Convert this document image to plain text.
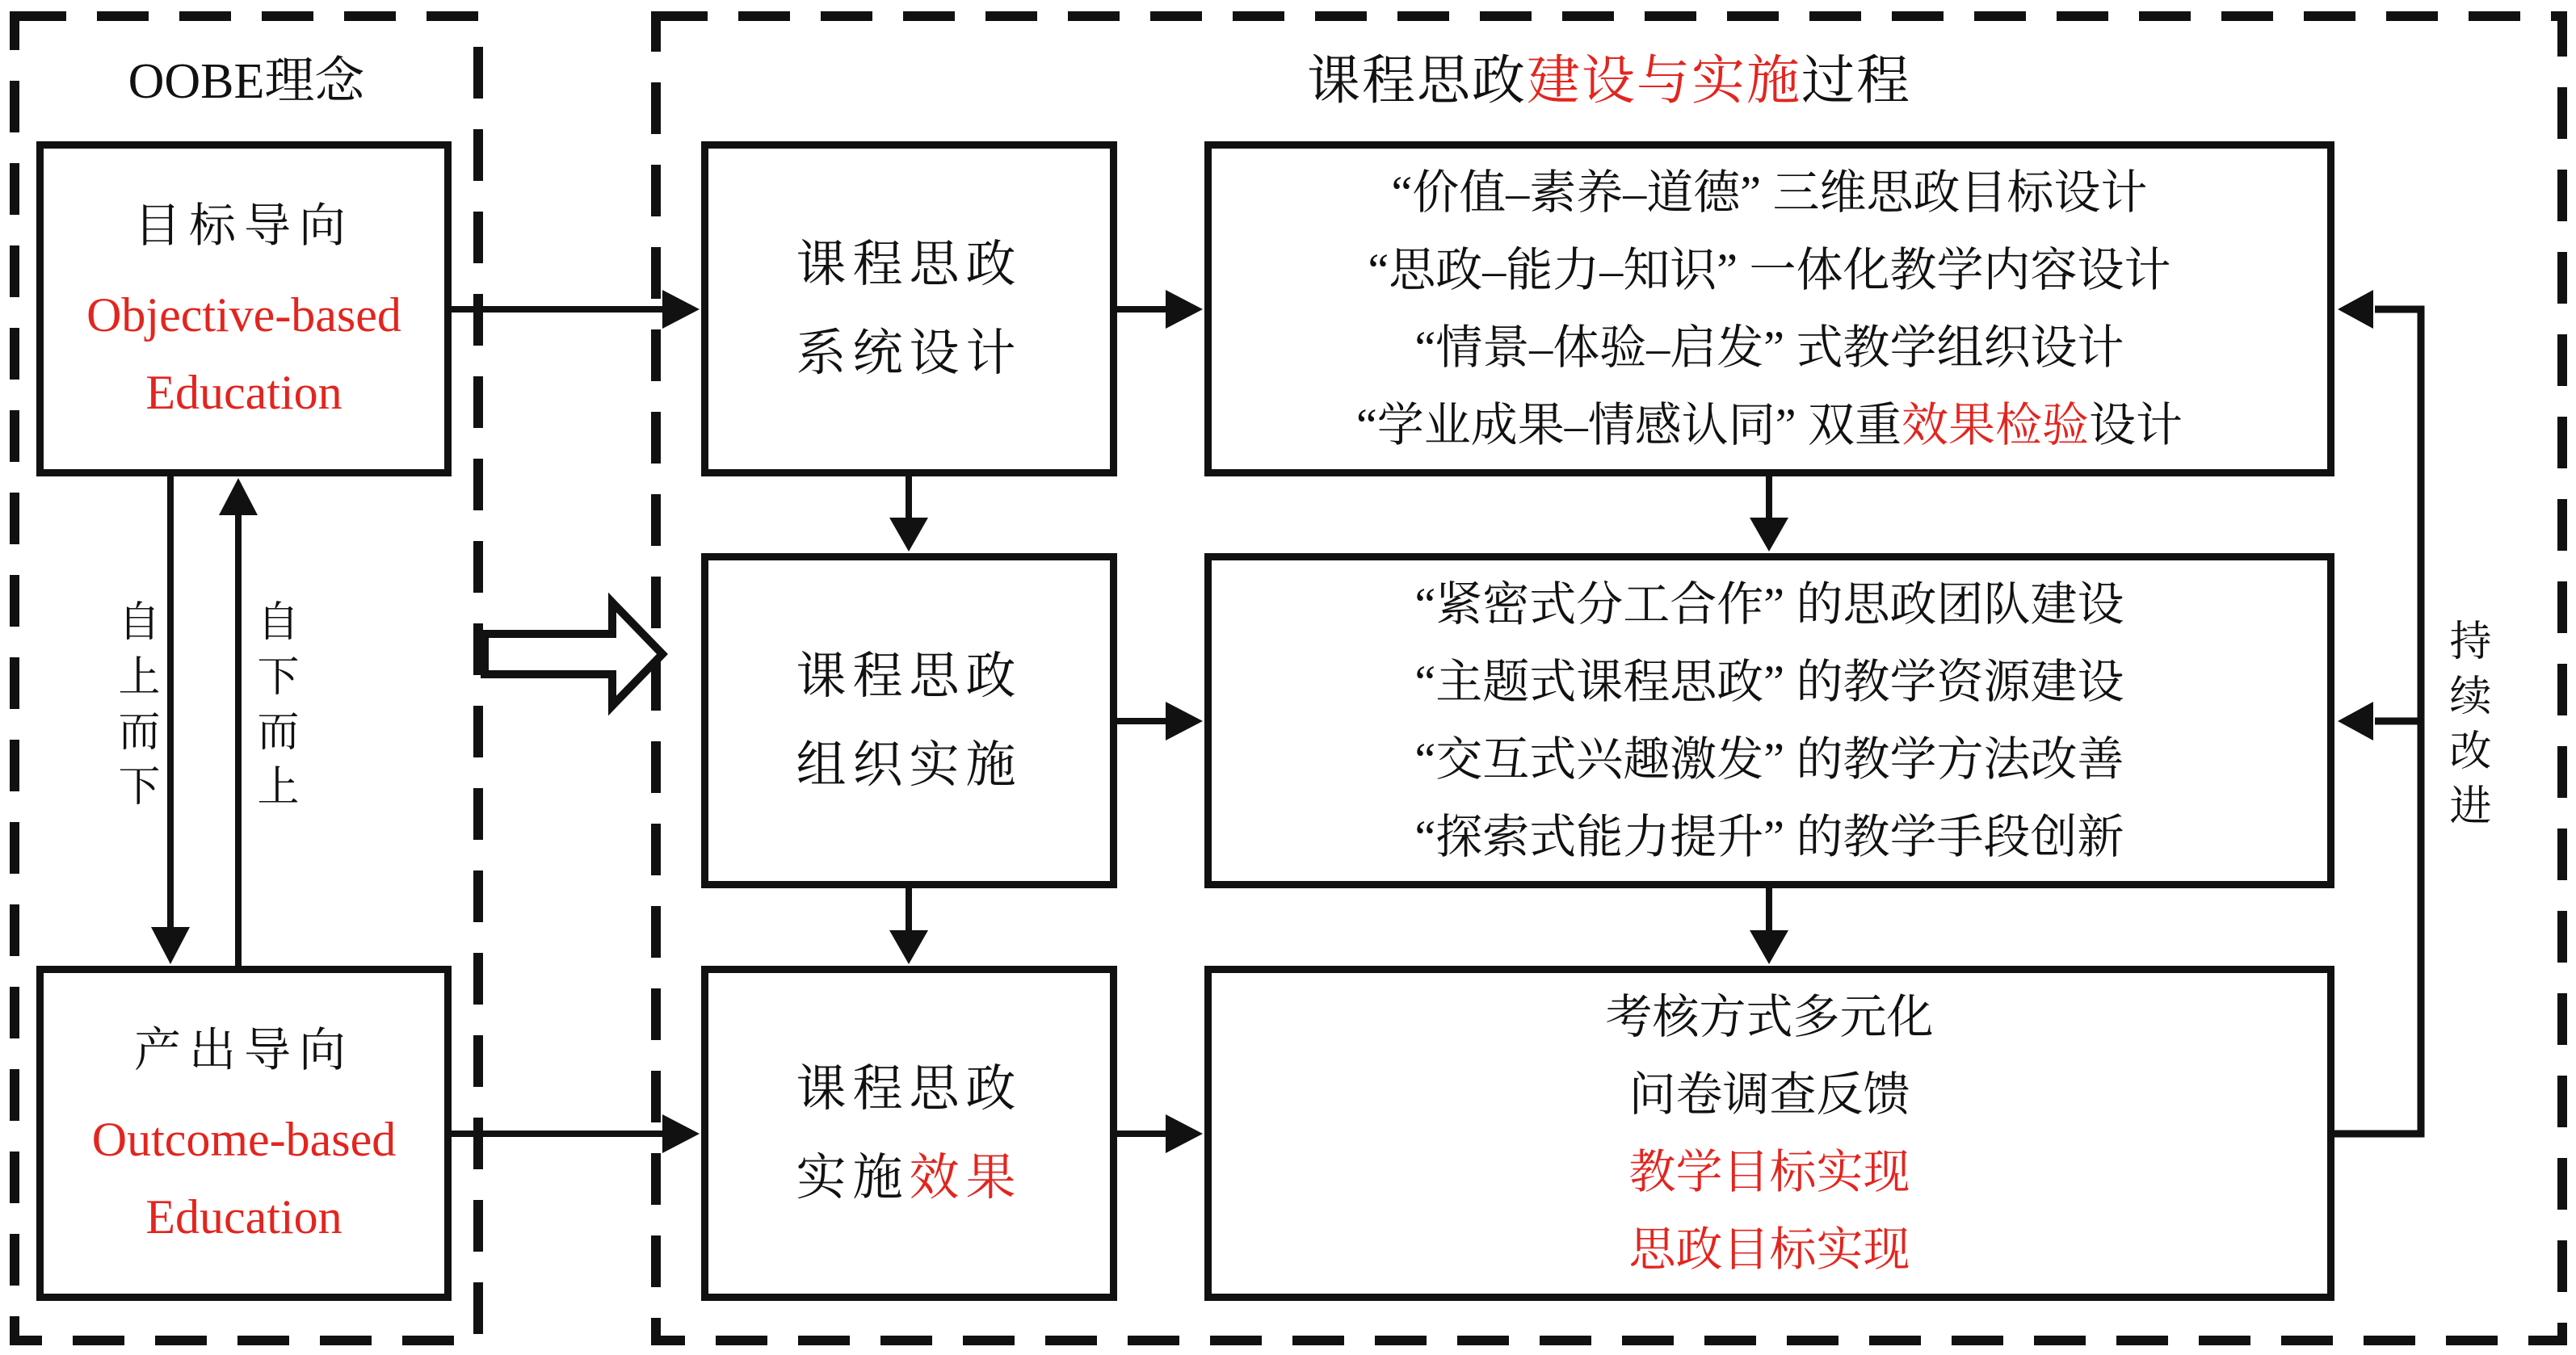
OOBE理念	课程思政建设与实施过程
目标导向
Objective-based
Education
产出导向
Outcome-based
Education
自上而下 自下而上
课程思政
系统设计
课程思政
组织实施
课程思政
实施效果
“价值–素养–道德” 三维思政目标设计
“思政–能力–知识” 一体化教学内容设计
“情景–体验–启发” 式教学组织设计
“学业成果–情感认同” 双重效果检验设计
“紧密式分工合作” 的思政团队建设
“主题式课程思政” 的教学资源建设
“交互式兴趣激发” 的教学方法改善
“探索式能力提升” 的教学手段创新
考核方式多元化
问卷调查反馈
教学目标实现
思政目标实现
持续改进
